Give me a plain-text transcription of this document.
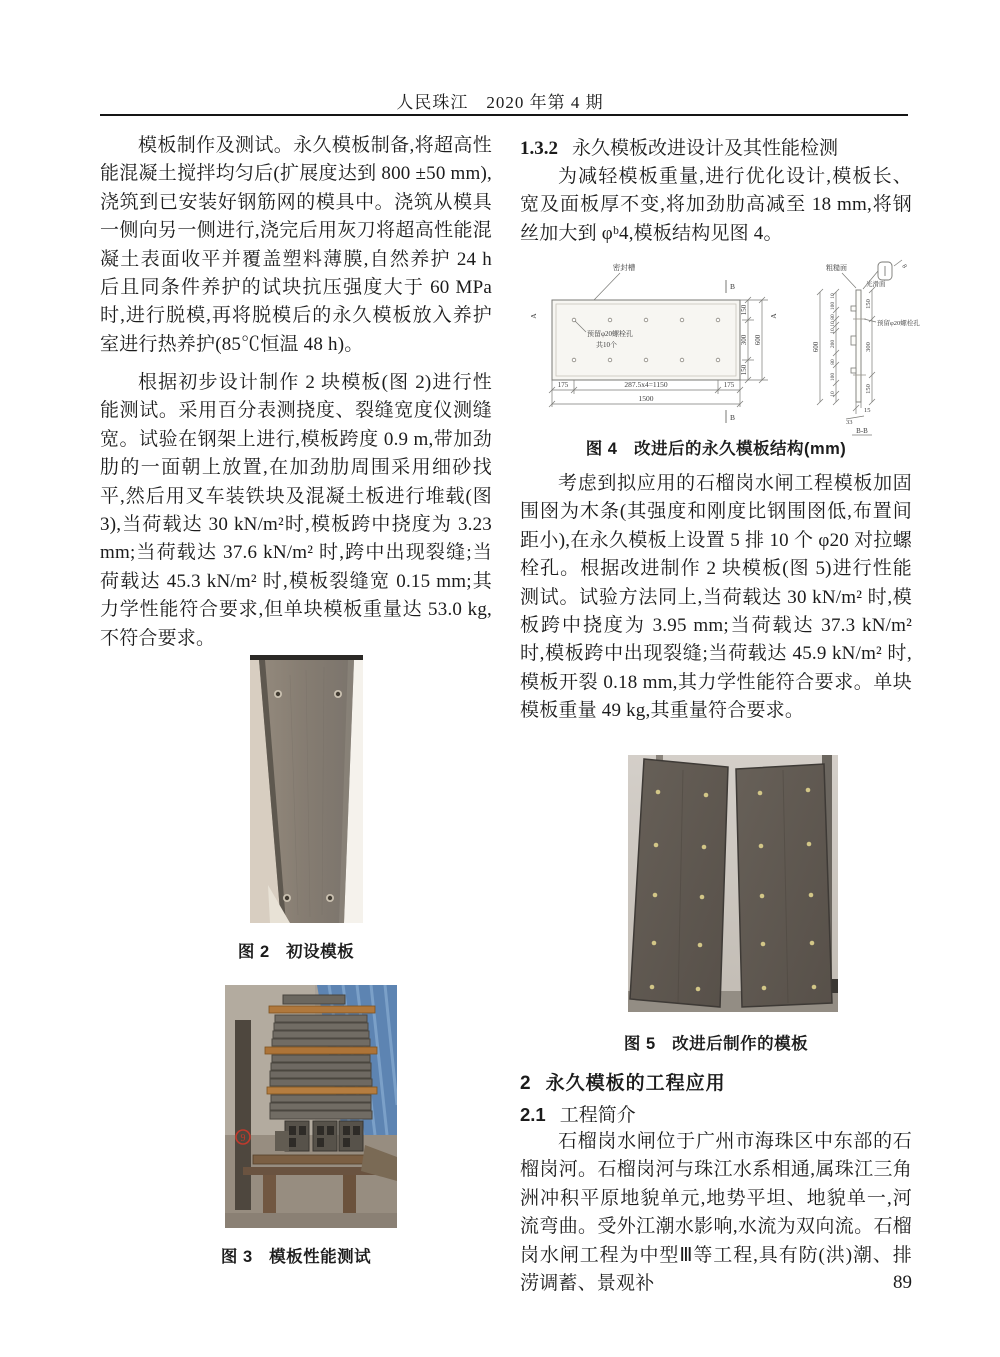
人民珠江　2020 年第 4 期
模板制作及测试。永久模板制备,将超高性能混凝土搅拌均匀后(扩展度达到 800 ±50 mm),浇筑到已安装好钢筋网的模具中。浇筑从模具一侧向另一侧进行,浇完后用灰刀将超高性能混凝土表面收平并覆盖塑料薄膜,自然养护 24 h 后且同条件养护的试块抗压强度大于 60 MPa 时,进行脱模,再将脱模后的永久模板放入养护室进行热养护(85℃恒温 48 h)。
根据初步设计制作 2 块模板(图 2)进行性能测试。采用百分表测挠度、裂缝宽度仪测缝宽。试验在钢架上进行,模板跨度 0.9 m,带加劲肋的一面朝上放置,在加劲肋周围采用细砂找平,然后用叉车装铁块及混凝土板进行堆载(图 3),当荷载达 30 kN/m²时,模板跨中挠度为 3.23 mm;当荷载达 37.6 kN/m² 时,跨中出现裂缝;当荷载达 45.3 kN/m² 时,模板裂缝宽 0.15 mm;其力学性能符合要求,但单块模板重量达 53.0 kg,不符合要求。
图 2 初设模板
9
图 3 模板性能测试
1.3.2 永久模板改进设计及其性能检测
为减轻模板重量,进行优化设计,模板长、宽及面板厚不变,将加劲肋高减至 18 mm,将钢丝加大到 φᵇ4,模板结构见图 4。
密封槽
预留φ20螺栓孔
共10个
175	287.5x4=1150	175
1500
B
B
150
300
150
600
A	A
8
粗糙面
光滑面
600
10
100
80
10
10
200
80
100
10
150
300
150
预留φ20螺栓孔
15
33
B-B
图 4 改进后的永久模板结构(mm)
考虑到拟应用的石榴岗水闸工程模板加固围囹为木条(其强度和刚度比钢围囹低,布置间距小),在永久模板上设置 5 排 10 个 φ20 对拉螺栓孔。根据改进制作 2 块模板(图 5)进行性能测试。试验方法同上,当荷载达 30 kN/m² 时,模板跨中挠度为 3.95 mm;当荷载达 37.3 kN/m² 时,模板跨中出现裂缝;当荷载达 45.9 kN/m² 时,模板开裂 0.18 mm,其力学性能符合要求。单块模板重量 49 kg,其重量符合要求。
图 5 改进后制作的模板
2 永久模板的工程应用
2.1 工程简介
石榴岗水闸位于广州市海珠区中东部的石榴岗河。石榴岗河与珠江水系相通,属珠江三角洲冲积平原地貌单元,地势平坦、地貌单一,河流弯曲。受外江潮水影响,水流为双向流。石榴岗水闸工程为中型Ⅲ等工程,具有防(洪)潮、排涝调蓄、景观补	89
